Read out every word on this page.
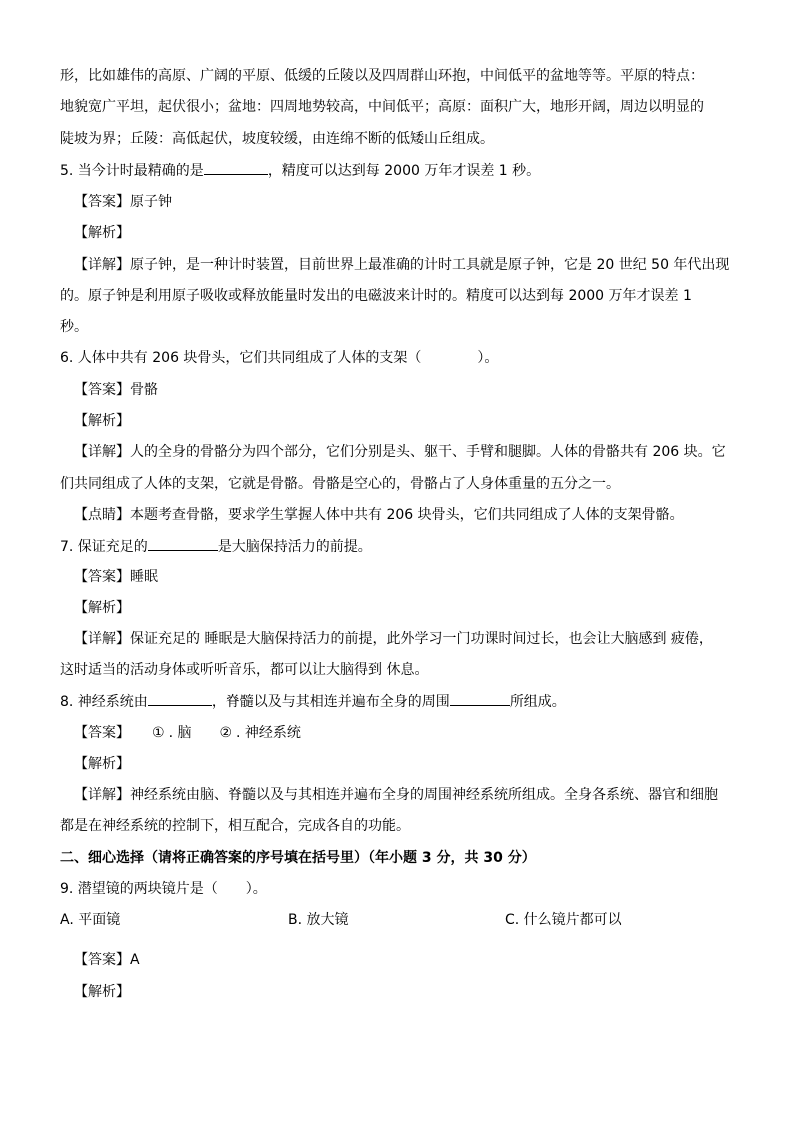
形，比如雄伟的高原、广阔的平原、低缓的丘陵以及四周群山环抱，中间低平的盆地等等。平原的特点：
地貌宽广平坦，起伏很小；盆地：四周地势较高，中间低平；高原：面积广大，地形开阔，周边以明显的
陡坡为界；丘陵：高低起伏，坡度较缓，由连绵不断的低矮山丘组成。
5. 当今计时最精确的是	，精度可以达到每 2000 万年才误差 1 秒。
【答案】原子钟
【解析】
【详解】原子钟，是一种计时装置，目前世界上最准确的计时工具就是原子钟，它是 20 世纪 50 年代出现
的。原子钟是利用原子吸收或释放能量时发出的电磁波来计时的。精度可以达到每 2000 万年才误差 1
秒。
6. 人体中共有 206 块骨头，它们共同组成了人体的支架（　　　　）。
【答案】骨骼
【解析】
【详解】人的全身的骨骼分为四个部分，它们分别是头、躯干、手臂和腿脚。人体的骨骼共有 206 块。它
们共同组成了人体的支架，它就是骨骼。骨骼是空心的，骨骼占了人身体重量的五分之一。
【点睛】本题考查骨骼，要求学生掌握人体中共有 206 块骨头，它们共同组成了人体的支架骨骼。
7. 保证充足的	是大脑保持活力的前提。
【答案】睡眠
【解析】
【详解】保证充足的 睡眠是大脑保持活力的前提，此外学习一门功课时间过长，也会让大脑感到 疲倦，
这时适当的活动身体或听听音乐，都可以让大脑得到 休息。
8. 神经系统由	，脊髓以及与其相连并遍布全身的周围	所组成。
【答案】 ① . 脑 ② . 神经系统
【解析】
【详解】神经系统由脑、脊髓以及与其相连并遍布全身的周围神经系统所组成。全身各系统、器官和细胞
都是在神经系统的控制下，相互配合，完成各自的功能。
二、细心选择（请将正确答案的序号填在括号里）（年小题 3 分，共 30 分）
9. 潜望镜的两块镜片是（　　）。
A. 平面镜	B. 放大镜	C. 什么镜片都可以
【答案】A
【解析】
